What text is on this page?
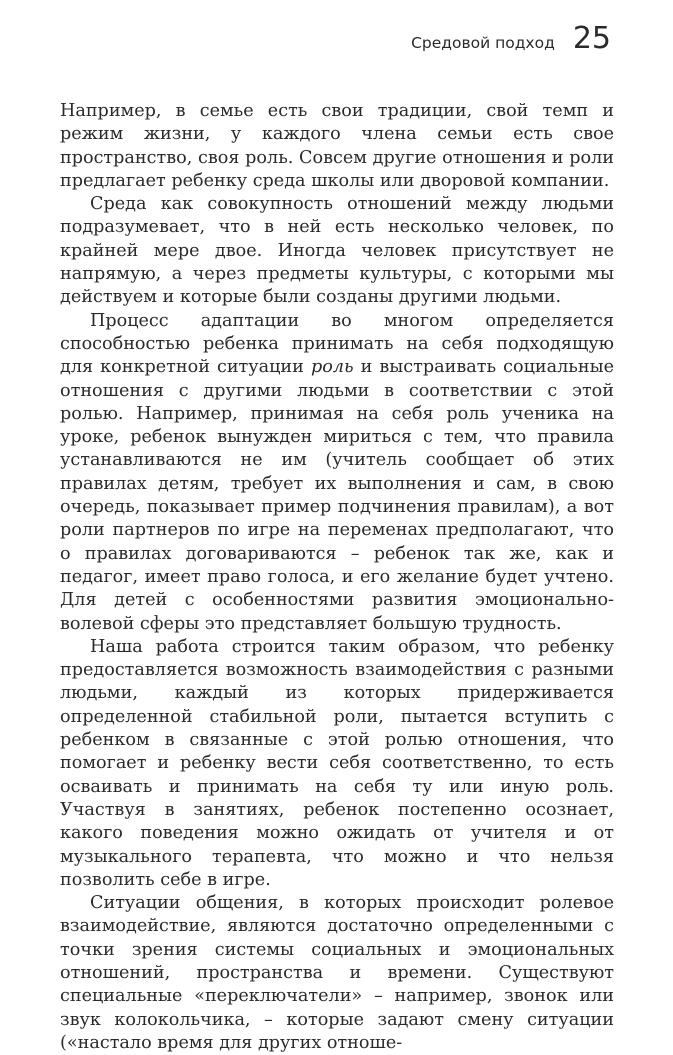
Средовой подход 25

Например, в семье есть свои традиции, свой темп и режим жизни, у каждого члена семьи есть свое пространство, своя роль. Совсем другие отношения и роли предлагает ребенку среда школы или дворовой компании.

Среда как совокупность отношений между людьми подразумевает, что в ней есть несколько человек, по крайней мере двое. Иногда человек присутствует не напрямую, а через предметы культуры, с которыми мы действуем и которые были созданы другими людьми.

Процесс адаптации во многом определяется способностью ребенка принимать на себя подходящую для конкретной ситуации роль и выстраивать социальные отношения с другими людьми в соответствии с этой ролью. Например, принимая на себя роль ученика на уроке, ребенок вынужден мириться с тем, что правила устанавливаются не им (учитель сообщает об этих правилах детям, требует их выполнения и сам, в свою очередь, показывает пример подчинения правилам), а вот роли партнеров по игре на переменах предполагают, что о правилах договариваются – ребенок так же, как и педагог, имеет право голоса, и его желание будет учтено. Для детей с особенностями развития эмоционально-волевой сферы это представляет большую трудность.

Наша работа строится таким образом, что ребенку предоставляется возможность взаимодействия с разными людьми, каждый из которых придерживается определенной стабильной роли, пытается вступить с ребенком в связанные с этой ролью отношения, что помогает и ребенку вести себя соответственно, то есть осваивать и принимать на себя ту или иную роль. Участвуя в занятиях, ребенок постепенно осознает, какого поведения можно ожидать от учителя и от музыкального терапевта, что можно и что нельзя позволить себе в игре.

Ситуации общения, в которых происходит ролевое взаимодействие, являются достаточно определенными с точки зрения системы социальных и эмоциональных отношений, пространства и времени. Существуют специальные «переключатели» – например, звонок или звук колокольчика, – которые задают смену ситуации («настало время для других отноше-
